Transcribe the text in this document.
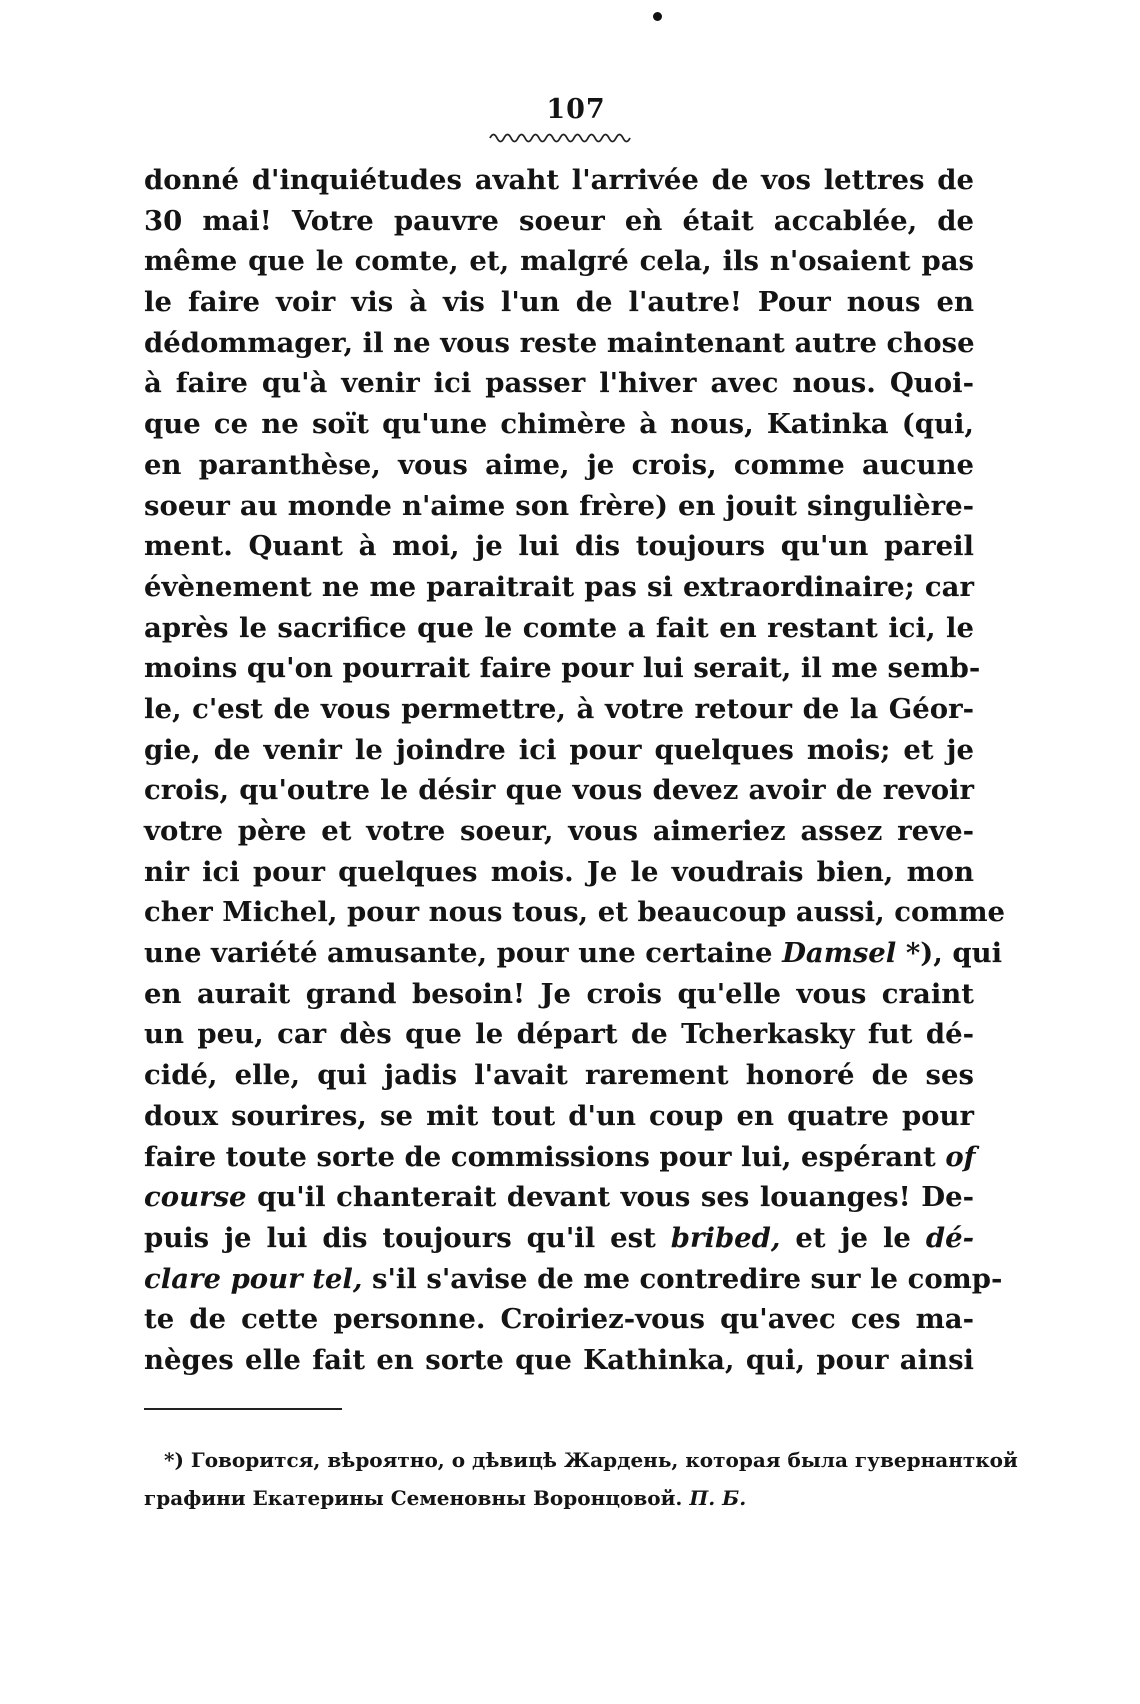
107
donné d'inquiétudes avaht l'arrivée de vos lettres de
30 mai! Votre pauvre soeur eǹ était accablée, de
même que le comte, et, malgré cela, ils n'osaient pas
le faire voir vis à vis l'un de l'autre! Pour nous en
dédommager, il ne vous reste maintenant autre chose
à faire qu'à venir ici passer l'hiver avec nous. Quoi-
que ce ne soït qu'une chimère à nous, Katinka (qui,
en paranthèse, vous aime, je crois, comme aucune
soeur au monde n'aime son frère) en jouit singulière-
ment. Quant à moi, je lui dis toujours qu'un pareil
évènement ne me paraitrait pas si extraordinaire; car
après le sacrifice que le comte a fait en restant ici, le
moins qu'on pourrait faire pour lui serait, il me semb-
le, c'est de vous permettre, à votre retour de la Géor-
gie, de venir le joindre ici pour quelques mois; et je
crois, qu'outre le désir que vous devez avoir de revoir
votre père et votre soeur, vous aimeriez assez reve-
nir ici pour quelques mois. Je le voudrais bien, mon
cher Michel, pour nous tous, et beaucoup aussi, comme
une variété amusante, pour une certaine Damsel *), qui
en aurait grand besoin! Je crois qu'elle vous craint
un peu, car dès que le départ de Tcherkasky fut dé-
cidé, elle, qui jadis l'avait rarement honoré de ses
doux sourires, se mit tout d'un coup en quatre pour
faire toute sorte de commissions pour lui, espérant of
course qu'il chanterait devant vous ses louanges! De-
puis je lui dis toujours qu'il est bribed, et je le dé-
clare pour tel, s'il s'avise de me contredire sur le comp-
te de cette personne. Croiriez-vous qu'avec ces ma-
nèges elle fait en sorte que Kathinka, qui, pour ainsi
*) Говорится, вѣроятно, о дѣвицѣ Жардень, которая была гувернанткой
графини Екатерины Семеновны Воронцовой. П. Б.
